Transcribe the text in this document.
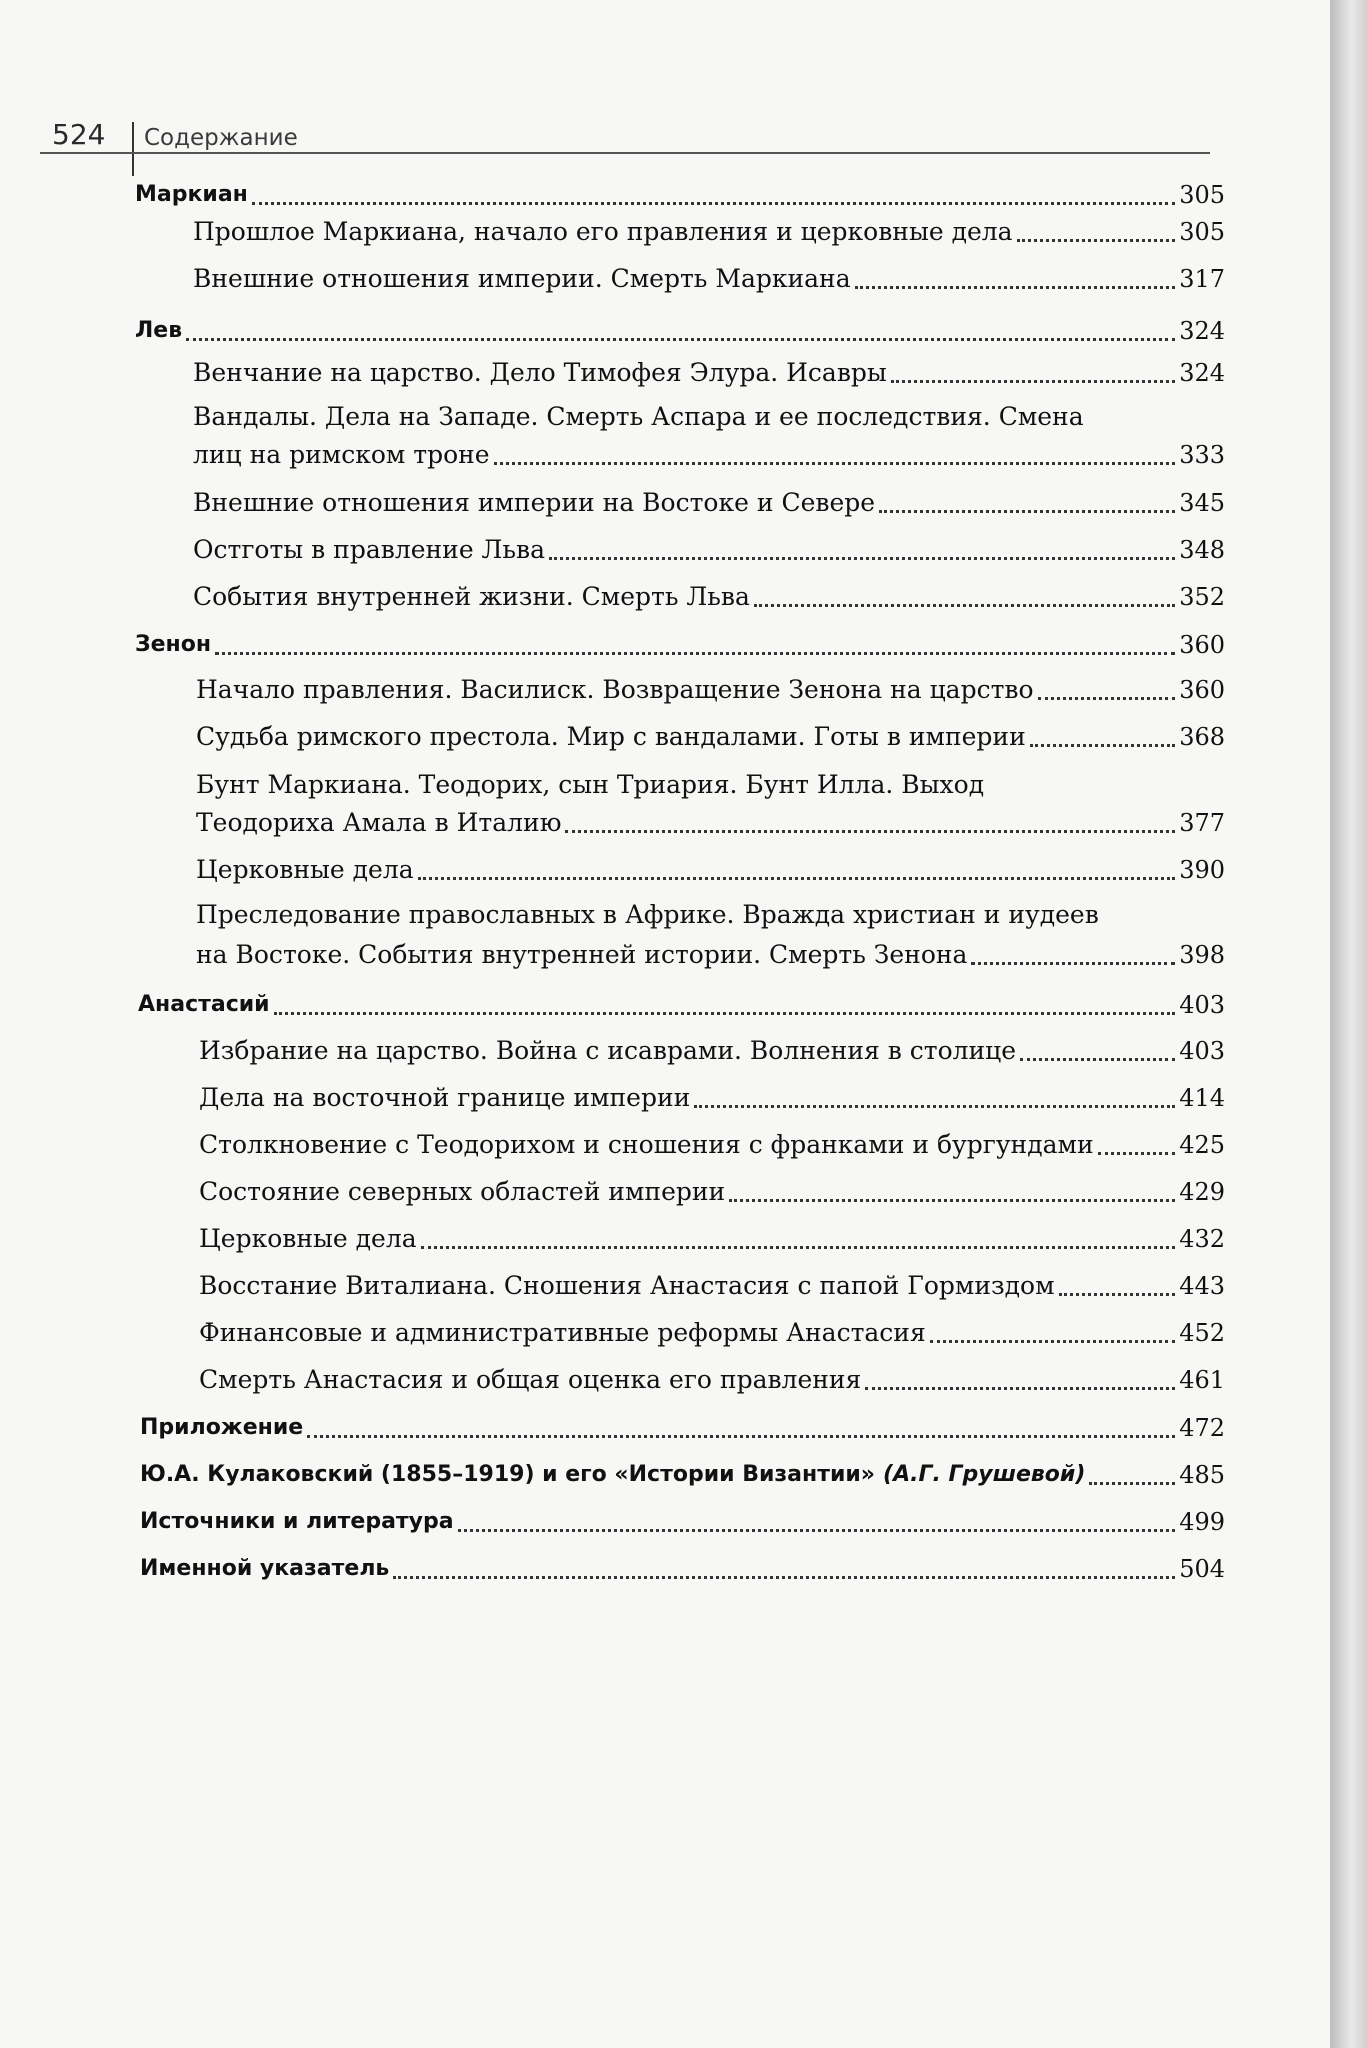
524 Содержание
Маркиан	305
Прошлое Маркиана, начало его правления и церковные дела	305
Внешние отношения империи. Смерть Маркиана	317
Лев	324
Венчание на царство. Дело Тимофея Элура. Исавры	324
Вандалы. Дела на Западе. Смерть Аспара и ее последствия. Смена
лиц на римском троне	333
Внешние отношения империи на Востоке и Севере	345
Остготы в правление Льва	348
События внутренней жизни. Смерть Льва	352
Зенон	360
Начало правления. Василиск. Возвращение Зенона на царство	360
Судьба римского престола. Мир с вандалами. Готы в империи	368
Бунт Маркиана. Теодорих, сын Триария. Бунт Илла. Выход
Теодориха Амала в Италию	377
Церковные дела	390
Преследование православных в Африке. Вражда христиан и иудеев
на Востоке. События внутренней истории. Смерть Зенона	398
Анастасий	403
Избрание на царство. Война с исаврами. Волнения в столице	403
Дела на восточной границе империи	414
Столкновение с Теодорихом и сношения с франками и бургундами	425
Состояние северных областей империи	429
Церковные дела	432
Восстание Виталиана. Сношения Анастасия с папой Гормиздом	443
Финансовые и административные реформы Анастасия	452
Смерть Анастасия и общая оценка его правления	461
Приложение	472
Ю.А. Кулаковский (1855–1919) и его «Истории Византии» (А.Г. Грушевой)	485
Источники и литература	499
Именной указатель	504
